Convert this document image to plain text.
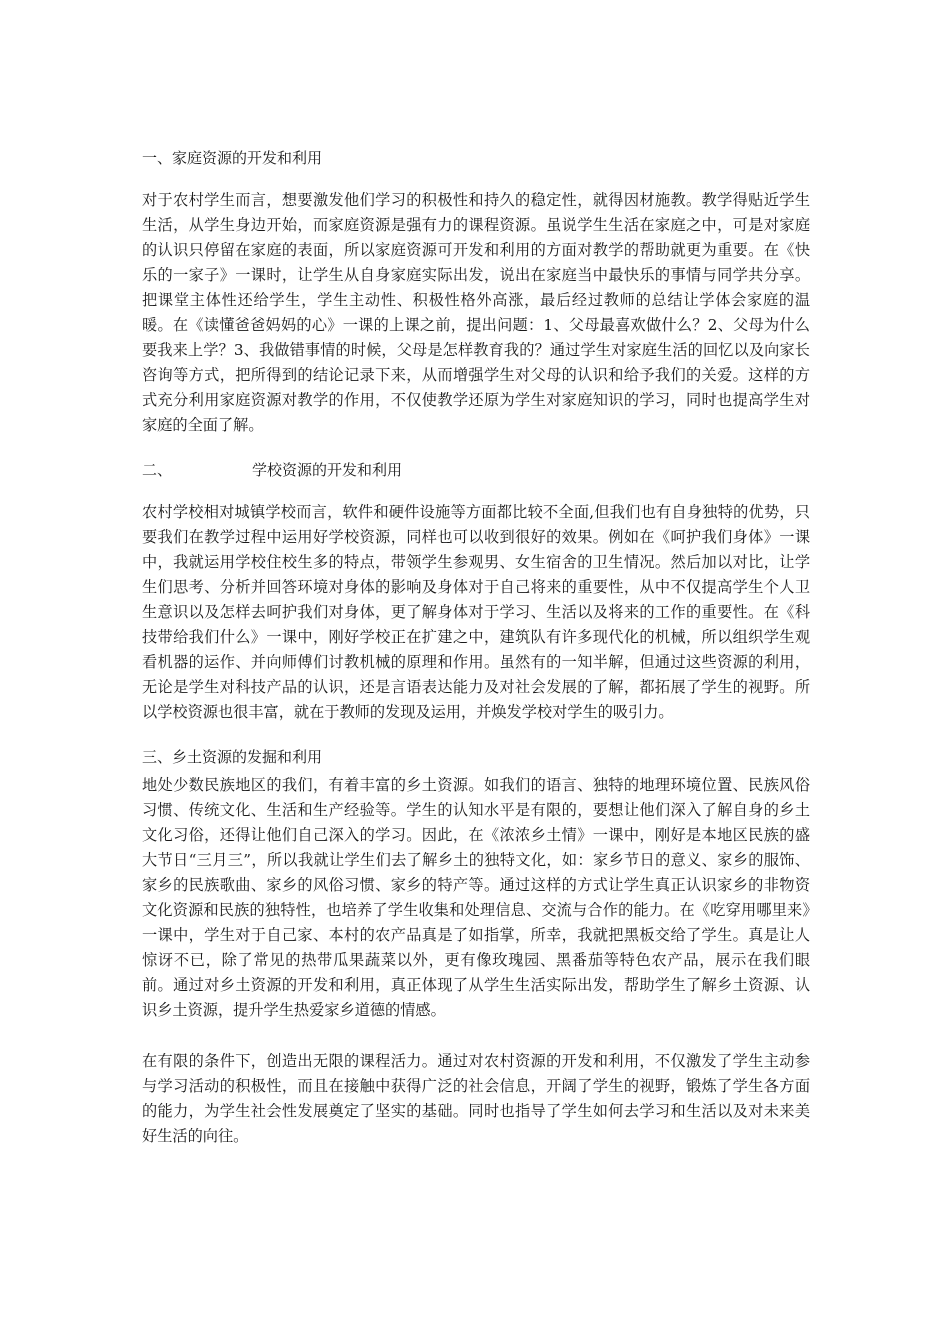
一、家庭资源的开发和利用

对于农村学生而言，想要激发他们学习的积极性和持久的稳定性，就得因材施教。教学得贴近学生生活，从学生身边开始，而家庭资源是强有力的课程资源。虽说学生生活在家庭之中，可是对家庭的认识只停留在家庭的表面，所以家庭资源可开发和利用的方面对教学的帮助就更为重要。在《快乐的一家子》一课时，让学生从自身家庭实际出发，说出在家庭当中最快乐的事情与同学共分享。把课堂主体性还给学生，学生主动性、积极性格外高涨，最后经过教师的总结让学体会家庭的温暖。在《读懂爸爸妈妈的心》一课的上课之前，提出问题：1、父母最喜欢做什么？2、父母为什么要我来上学？3、我做错事情的时候，父母是怎样教育我的？通过学生对家庭生活的回忆以及向家长咨询等方式，把所得到的结论记录下来，从而增强学生对父母的认识和给予我们的关爱。这样的方式充分利用家庭资源对教学的作用，不仅使教学还原为学生对家庭知识的学习，同时也提高学生对家庭的全面了解。

二、	学校资源的开发和利用

农村学校相对城镇学校而言，软件和硬件设施等方面都比较不全面,但我们也有自身独特的优势，只要我们在教学过程中运用好学校资源，同样也可以收到很好的效果。例如在《呵护我们身体》一课中，我就运用学校住校生多的特点，带领学生参观男、女生宿舍的卫生情况。然后加以对比，让学生们思考、分析并回答环境对身体的影响及身体对于自己将来的重要性，从中不仅提高学生个人卫生意识以及怎样去呵护我们对身体，更了解身体对于学习、生活以及将来的工作的重要性。在《科技带给我们什么》一课中，刚好学校正在扩建之中，建筑队有许多现代化的机械，所以组织学生观看机器的运作、并向师傅们讨教机械的原理和作用。虽然有的一知半解，但通过这些资源的利用，无论是学生对科技产品的认识，还是言语表达能力及对社会发展的了解，都拓展了学生的视野。所以学校资源也很丰富，就在于教师的发现及运用，并焕发学校对学生的吸引力。

三、乡土资源的发掘和利用

地处少数民族地区的我们，有着丰富的乡土资源。如我们的语言、独特的地理环境位置、民族风俗习惯、传统文化、生活和生产经验等。学生的认知水平是有限的，要想让他们深入了解自身的乡土文化习俗，还得让他们自己深入的学习。因此，在《浓浓乡土情》一课中，刚好是本地区民族的盛大节日“三月三”，所以我就让学生们去了解乡土的独特文化，如：家乡节日的意义、家乡的服饰、家乡的民族歌曲、家乡的风俗习惯、家乡的特产等。通过这样的方式让学生真正认识家乡的非物资文化资源和民族的独特性，也培养了学生收集和处理信息、交流与合作的能力。在《吃穿用哪里来》一课中，学生对于自己家、本村的农产品真是了如指掌，所幸，我就把黑板交给了学生。真是让人惊讶不已，除了常见的热带瓜果蔬菜以外，更有像玫瑰园、黑番茄等特色农产品，展示在我们眼前。通过对乡土资源的开发和利用，真正体现了从学生生活实际出发，帮助学生了解乡土资源、认识乡土资源，提升学生热爱家乡道德的情感。

在有限的条件下，创造出无限的课程活力。通过对农村资源的开发和利用，不仅激发了学生主动参与学习活动的积极性，而且在接触中获得广泛的社会信息，开阔了学生的视野，锻炼了学生各方面的能力，为学生社会性发展奠定了坚实的基础。同时也指导了学生如何去学习和生活以及对未来美好生活的向往。
